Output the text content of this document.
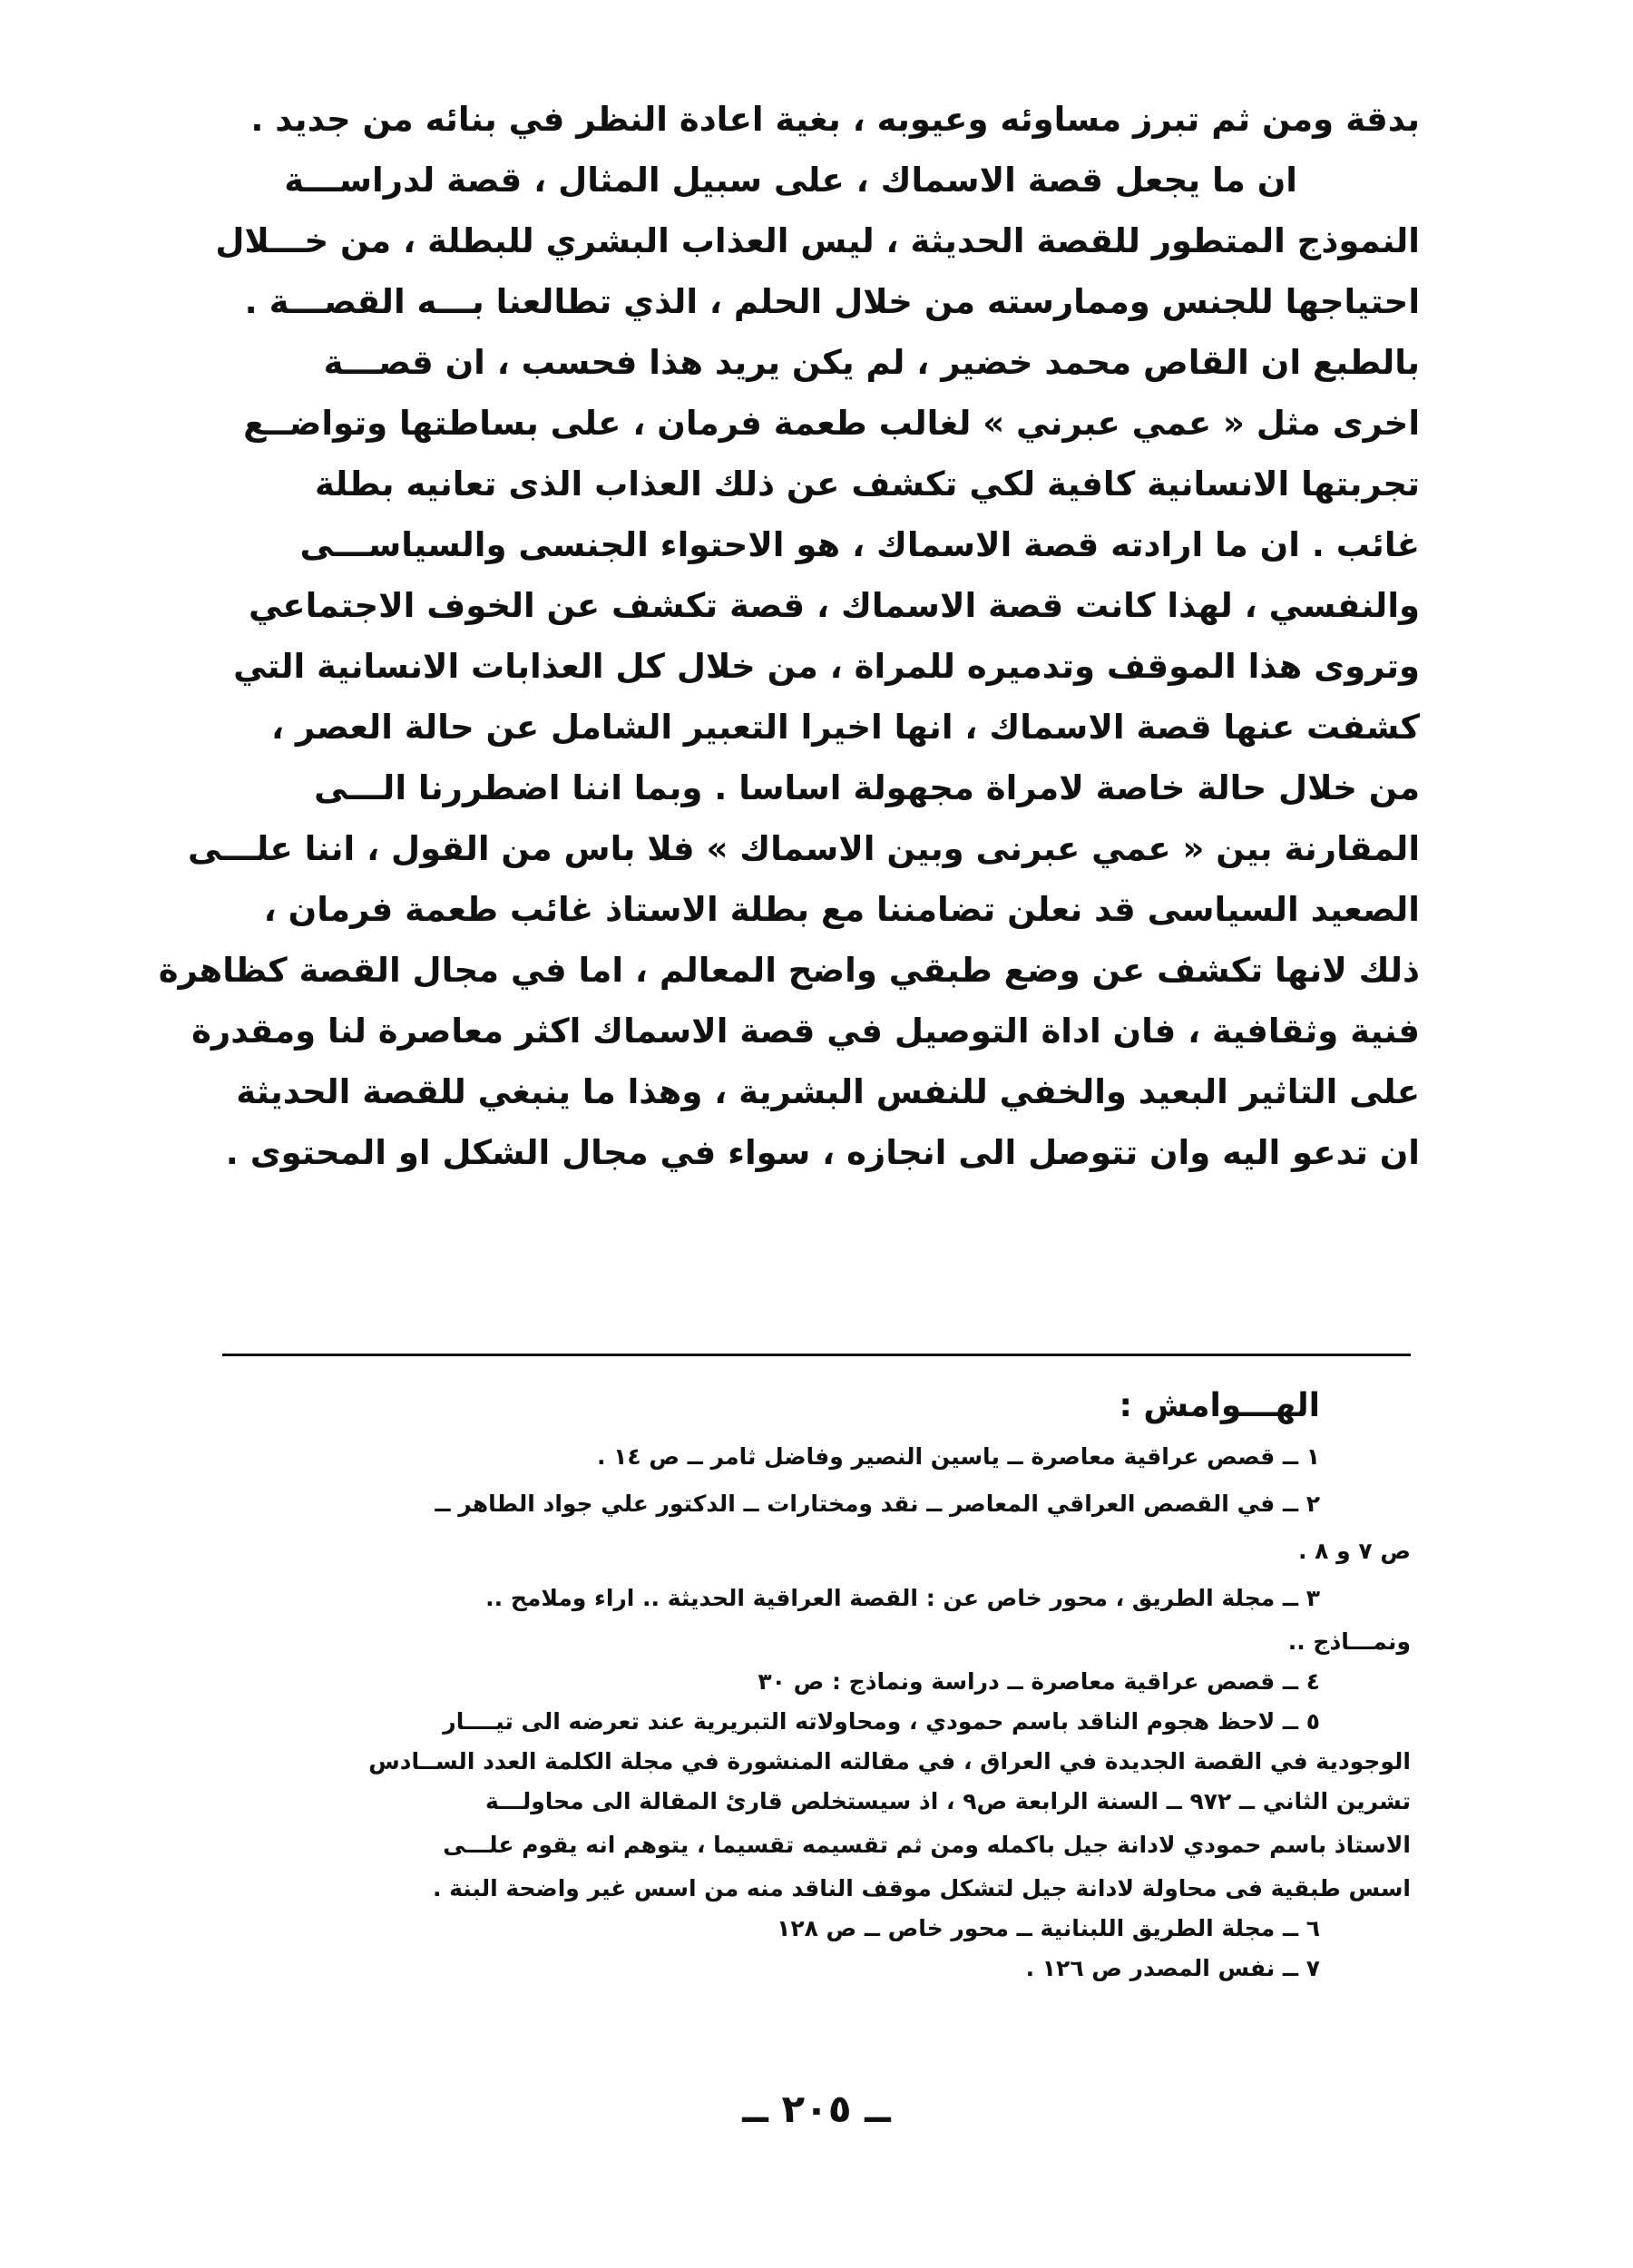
بدقة ومن ثم تبرز مساوئه وعيوبه ، بغية اعادة النظر في بنائه من جديد .
ان ما يجعل قصة الاسماك ، على سبيل المثال ، قصة لدراســـة
النموذج المتطور للقصة الحديثة ، ليس العذاب البشري للبطلة ، من خـــلال
احتياجها للجنس وممارسته من خلال الحلم ، الذي تطالعنا بـــه القصـــة .
بالطبع ان القاص محمد خضير ، لم يكن يريد هذا فحسب ، ان قصـــة
اخرى مثل « عمي عبرني » لغالب طعمة فرمان ، على بساطتها وتواضــع
تجربتها الانسانية كافية لكي تكشف عن ذلك العذاب الذى تعانيه بطلة
غائب . ان ما ارادته قصة الاسماك ، هو الاحتواء الجنسى والسياســـى
والنفسي ، لهذا كانت قصة الاسماك ، قصة تكشف عن الخوف الاجتماعي
وتروى هذا الموقف وتدميره للمراة ، من خلال كل العذابات الانسانية التي
كشفت عنها قصة الاسماك ، انها اخيرا التعبير الشامل عن حالة العصر ،
من خلال حالة خاصة لامراة مجهولة اساسا . وبما اننا اضطررنا الـــى
المقارنة بين « عمي عبرنى وبين الاسماك » فلا باس من القول ، اننا علـــى
الصعيد السياسى قد نعلن تضامننا مع بطلة الاستاذ غائب طعمة فرمان ،
ذلك لانها تكشف عن وضع طبقي واضح المعالم ، اما في مجال القصة كظاهرة
فنية وثقافية ، فان اداة التوصيل في قصة الاسماك اكثر معاصرة لنا ومقدرة
على التاثير البعيد والخفي للنفس البشرية ، وهذا ما ينبغي للقصة الحديثة
ان تدعو اليه وان تتوصل الى انجازه ، سواء في مجال الشكل او المحتوى .
الهـــوامش :
١ ــ قصص عراقية معاصرة ــ ياسين النصير وفاضل ثامر ــ ص ١٤ .
٢ ــ في القصص العراقي المعاصر ــ نقد ومختارات ــ الدكتور علي جواد الطاهر ــ
ص ٧ و ٨ .
٣ ــ مجلة الطريق ، محور خاص عن : القصة العراقية الحديثة .. اراء وملامح ..
ونمـــاذج ..
٤ ــ قصص عراقية معاصرة ــ دراسة ونماذج : ص ٣٠
٥ ــ لاحظ هجوم الناقد باسم حمودي ، ومحاولاته التبريرية عند تعرضه الى تيــــار
الوجودية في القصة الجديدة في العراق ، في مقالته المنشورة في مجلة الكلمة العدد الســادس
تشرين الثاني ــ ٩٧٢ ــ السنة الرابعة ص٩ ، اذ سيستخلص قارئ المقالة الى محاولـــة
الاستاذ باسم حمودي لادانة جيل باكمله ومن ثم تقسيمه تقسيما ، يتوهم انه يقوم علـــى
اسس طبقية فى محاولة لادانة جيل لتشكل موقف الناقد منه من اسس غير واضحة البنة .
٦ ــ مجلة الطريق اللبنانية ــ محور خاص ــ ص ١٢٨
٧ ــ نفس المصدر ص ١٢٦ .
ــ ٢٠٥ ــ
